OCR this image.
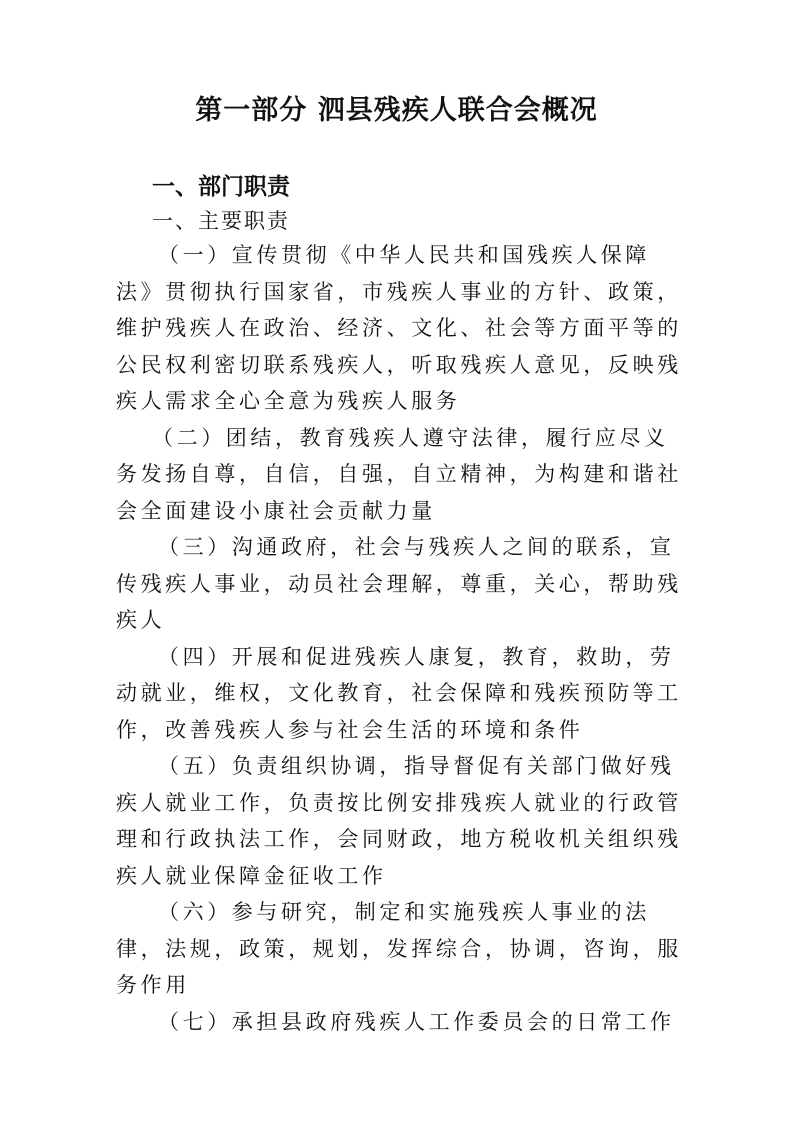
第一部分 泗县残疾人联合会概况
一、部门职责
一、主要职责

（一）宣传贯彻《中华人民共和国残疾人保障法》贯彻执行国家省，市残疾人事业的方针、政策，维护残疾人在政治、经济、文化、社会等方面平等的公民权利密切联系残疾人，听取残疾人意见，反映残疾人需求全心全意为残疾人服务

（二）团结，教育残疾人遵守法律，履行应尽义务发扬自尊，自信，自强，自立精神，为构建和谐社会全面建设小康社会贡献力量

（三）沟通政府，社会与残疾人之间的联系，宣传残疾人事业，动员社会理解，尊重，关心，帮助残疾人

（四）开展和促进残疾人康复，教育，救助，劳动就业，维权，文化教育，社会保障和残疾预防等工作，改善残疾人参与社会生活的环境和条件

（五）负责组织协调，指导督促有关部门做好残疾人就业工作，负责按比例安排残疾人就业的行政管理和行政执法工作，会同财政，地方税收机关组织残疾人就业保障金征收工作

（六）参与研究，制定和实施残疾人事业的法律，法规，政策，规划，发挥综合，协调，咨询，服务作用

（七）承担县政府残疾人工作委员会的日常工作
